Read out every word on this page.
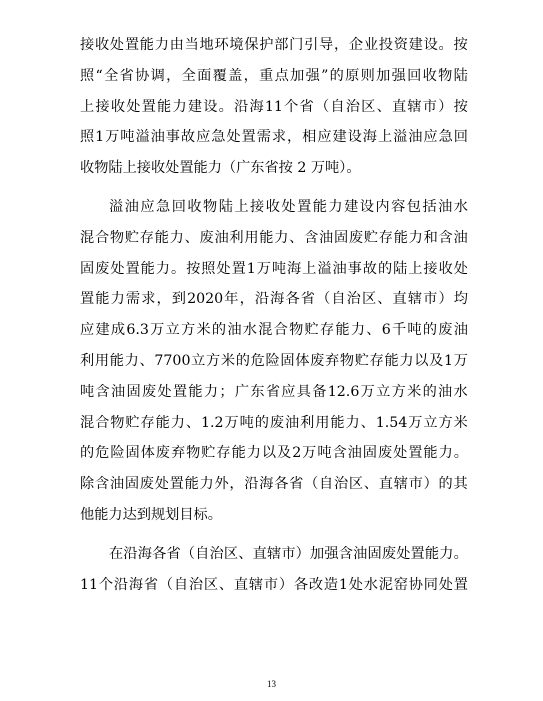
接 收 处 置 能 力 由 当 地 环 境 保 护 部 门 引 导 ， 企 业 投 资 建 设 。 按
照 “ 全 省 协 调 ， 全 面 覆 盖 ， 重 点 加 强 ” 的 原 则 加 强 回 收 物 陆
上 接 收 处 置 能 力 建 设 。 沿 海 11 个 省 （ 自 治 区 、 直 辖 市 ） 按
照 1 万 吨 溢 油 事 故 应 急 处 置 需 求 ， 相 应 建 设 海 上 溢 油 应 急 回
收物陆上接收处置能力（广东省按 2 万吨）。
溢 油 应 急 回 收 物 陆 上 接 收 处 置 能 力 建 设 内 容 包 括 油 水
混 合 物 贮 存 能 力 、 废 油 利 用 能 力 、 含 油 固 废 贮 存 能 力 和 含 油
固 废 处 置 能 力 。 按 照 处 置 1 万 吨 海 上 溢 油 事 故 的 陆 上 接 收 处
置 能 力 需 求 ， 到 2020 年 ， 沿 海 各 省 （ 自 治 区 、 直 辖 市 ） 均
应 建 成 6.3 万 立 方 米 的 油 水 混 合 物 贮 存 能 力 、 6 千 吨 的 废 油
利 用 能 力 、 7700 立 方 米 的 危 险 固 体 废 弃 物 贮 存 能 力 以 及 1 万
吨 含 油 固 废 处 置 能 力 ； 广 东 省 应 具 备 12.6 万 立 方 米 的 油 水
混 合 物 贮 存 能 力 、 1.2 万 吨 的 废 油 利 用 能 力 、 1.54 万 立 方 米
的 危 险 固 体 废 弃 物 贮 存 能 力 以 及 2 万 吨 含 油 固 废 处 置 能 力 。
除 含 油 固 废 处 置 能 力 外 ， 沿 海 各 省 （ 自 治 区 、 直 辖 市 ） 的 其
他能力达到规划目标。
在 沿 海 各 省 （ 自 治 区 、 直 辖 市 ） 加 强 含 油 固 废 处 置 能 力 。
11 个 沿 海 省 （ 自 治 区 、 直 辖 市 ） 各 改 造 1 处 水 泥 窑 协 同 处 置
13
